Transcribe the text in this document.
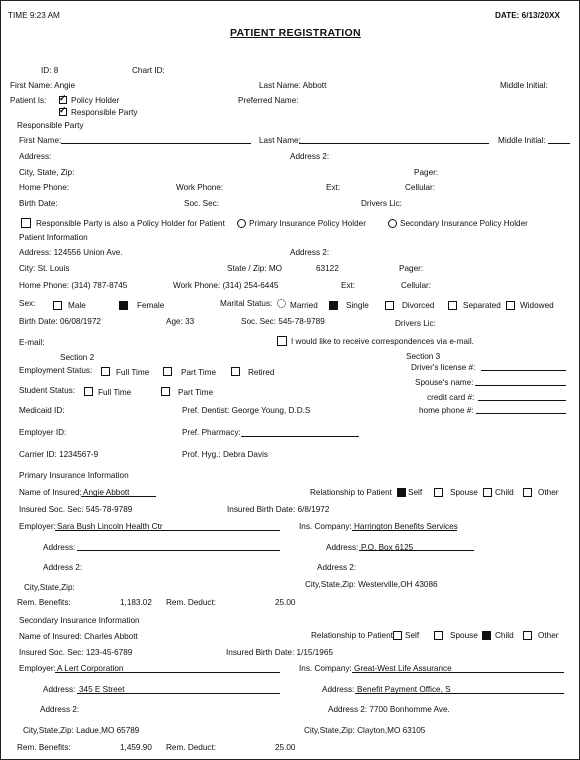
TIME 9:23 AM	DATE: 6/13/20XX
PATIENT REGISTRATION
ID: 8	Chart ID:
First Name: Angie	Last Name: Abbott	Middle Initial:
Patient Is:
✓	Policy Holder	Preferred Name:
✓
Responsible Party
Responsible Party
First Name:	Last Name:	Middle Initial:
Address:	Address 2:
City, State, Zip:	Pager:
Home Phone:	Work Phone:	Ext:	Cellular:
Birth Date:	Soc. Sec:	Drivers Lic:
Responsible Party is also a Policy Holder for Patient	Primary Insurance Policy Holder	Secondary Insurance Policy Holder
Patient Information
Address: 124556 Union Ave.	Address 2:
City: St. Louis	State / Zip: MO	63122	Pager:
Home Phone: (314) 787-8745	Work Phone: (314) 254-6445	Ext:	Cellular:
Sex:	Male	Female	Marital Status: Married	Single	Divorced	Separated Widowed
Birth Date: 06/08/1972	Age: 33	Soc. Sec: 545-78-9789	Drivers Lic:
E-mail:	I would like to receive correspondences via e-mail.
Section 2
Employment Status:	Full Time	Part Time	Retired
Student Status:	Full Time	Part Time
Medicaid ID:	Pref. Dentist: George Young, D.D.S
Employer ID:	Pref. Pharmacy:
Carrier ID: 1234567-9	Prof. Hyg.: Debra Davis
Section 3
Driver's license #:
Spouse's name:
credit card #:
home phone #:
Primary Insurance Information
Name of Insured: Angie Abbott	Relationship to Patient Self	Spouse Child	Other
Insured Soc. Sec: 545-78-9789	Insured Birth Date: 6/8/1972
Employer: Sara Bush Lincoln Health Ctr	Ins. Company: Harrington Benefits Services
Address:	Address: P.O. Box 6125
Address 2:	Address 2:
City,State,Zip:	City,State,Zip: Westerville,OH 43086
Rem. Benefits:	1,183.02 Rem. Deduct:	25.00
Secondary Insurance Information
Name of Insured: Charles Abbott	Relationship to Patient Self	Spouse Child	Other
Insured Soc. Sec: 123-45-6789	Insured Birth Date: 1/15/1965
Employer: A Lert Corporation	Ins. Company: Great-West Life Assurance
Address: 345 E Street	Address: Benefit Payment Office, S
Address 2:	Address 2: 7700 Bonhomme Ave.
City,State,Zip: Ladue,MO 65789	City,State,Zip: Clayton,MO 63105
Rem. Benefits:	1,459.90 Rem. Deduct:	25.00
